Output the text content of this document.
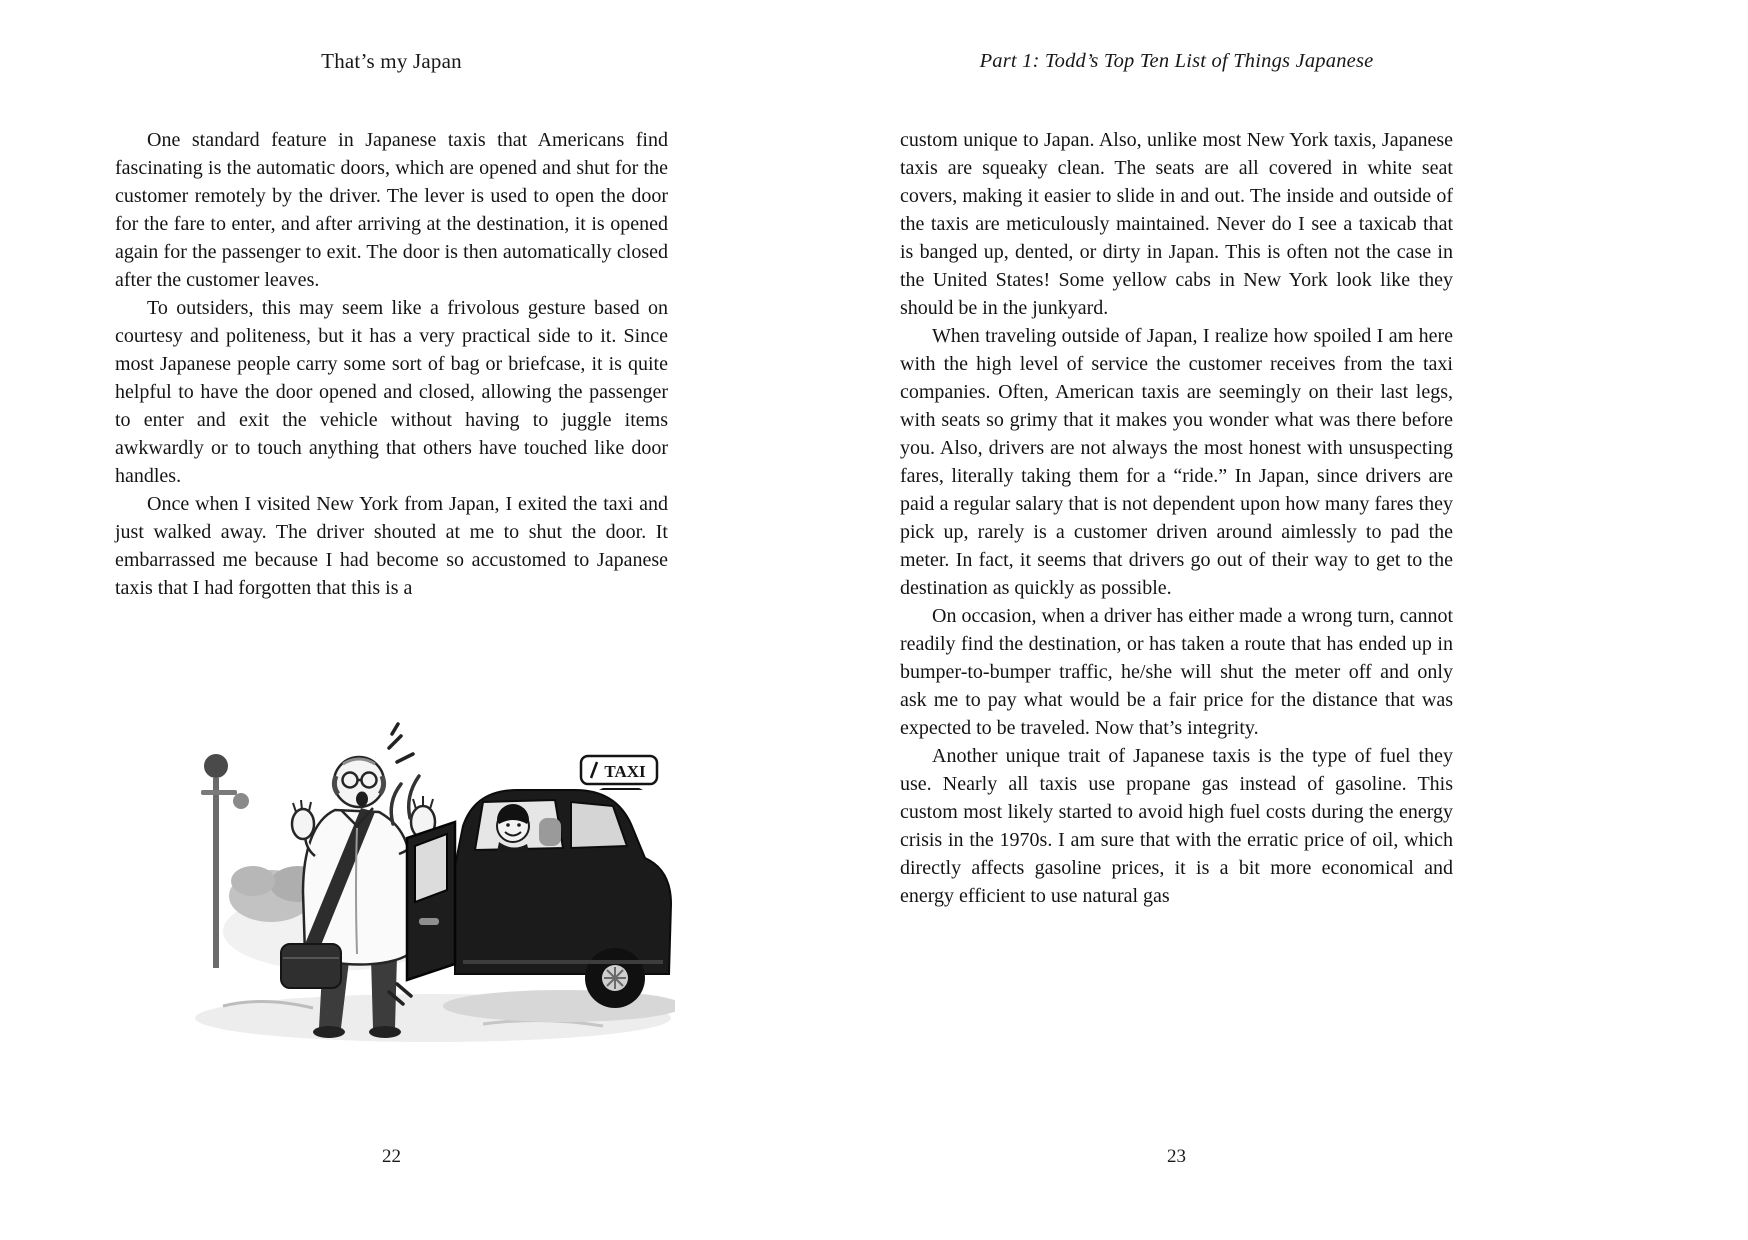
That’s my Japan

One standard feature in Japanese taxis that Americans find fascinating is the automatic doors, which are opened and shut for the customer remotely by the driver. The lever is used to open the door for the fare to enter, and after arriving at the destination, it is opened again for the passenger to exit. The door is then automatically closed after the customer leaves.

To outsiders, this may seem like a frivolous gesture based on courtesy and politeness, but it has a very practical side to it. Since most Japanese people carry some sort of bag or briefcase, it is quite helpful to have the door opened and closed, allowing the passenger to enter and exit the vehicle without having to juggle items awkwardly or to touch anything that others have touched like door handles.

Once when I visited New York from Japan, I exited the taxi and just walked away. The driver shouted at me to shut the door. It embarrassed me because I had become so accustomed to Japanese taxis that I had forgotten that this is a

TAXI
22
Part 1: Todd’s Top Ten List of Things Japanese

custom unique to Japan. Also, unlike most New York taxis, Japanese taxis are squeaky clean. The seats are all covered in white seat covers, making it easier to slide in and out. The inside and outside of the taxis are meticulously maintained. Never do I see a taxicab that is banged up, dented, or dirty in Japan. This is often not the case in the United States! Some yellow cabs in New York look like they should be in the junkyard.

When traveling outside of Japan, I realize how spoiled I am here with the high level of service the customer receives from the taxi companies. Often, American taxis are seemingly on their last legs, with seats so grimy that it makes you wonder what was there before you. Also, drivers are not always the most honest with unsuspecting fares, literally taking them for a “ride.” In Japan, since drivers are paid a regular salary that is not dependent upon how many fares they pick up, rarely is a customer driven around aimlessly to pad the meter. In fact, it seems that drivers go out of their way to get to the destination as quickly as possible.

On occasion, when a driver has either made a wrong turn, cannot readily find the destination, or has taken a route that has ended up in bumper-to-bumper traffic, he/she will shut the meter off and only ask me to pay what would be a fair price for the distance that was expected to be traveled. Now that’s integrity.

Another unique trait of Japanese taxis is the type of fuel they use. Nearly all taxis use propane gas instead of gasoline. This custom most likely started to avoid high fuel costs during the energy crisis in the 1970s. I am sure that with the erratic price of oil, which directly affects gasoline prices, it is a bit more economical and energy efficient to use natural gas

23
